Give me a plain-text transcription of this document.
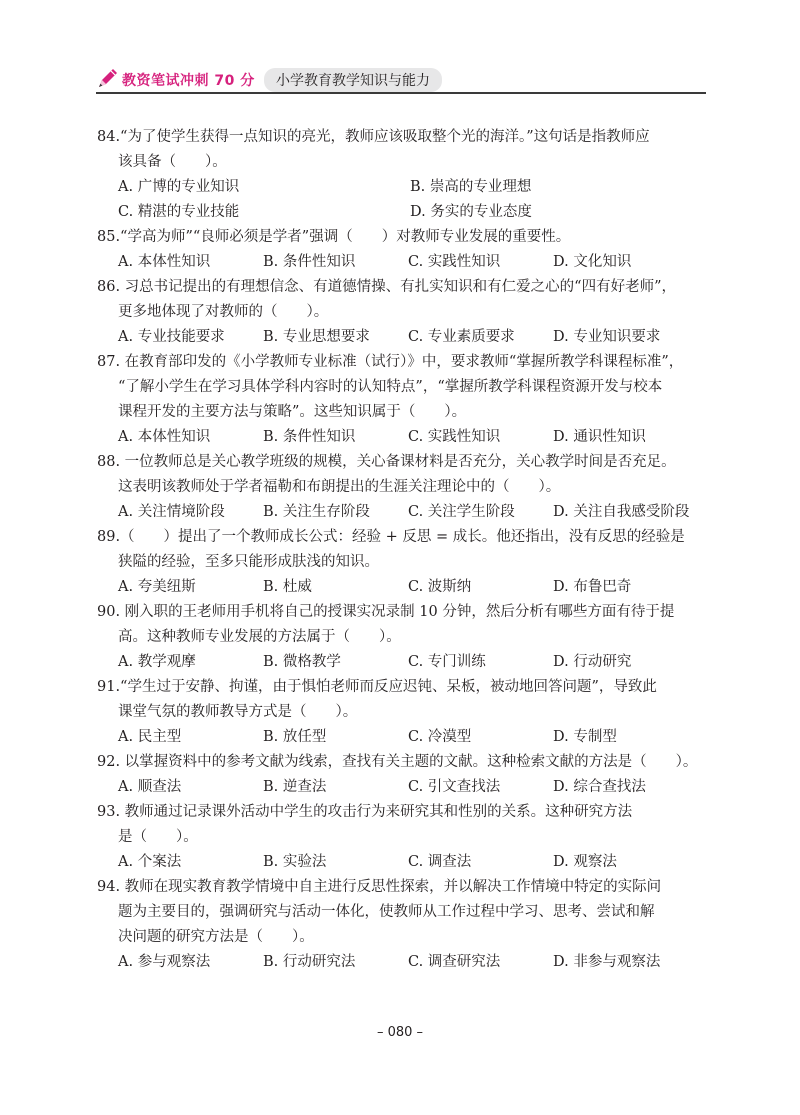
教资笔试冲刺 70 分	小学教育教学知识与能力

84.“为了使学生获得一点知识的亮光，教师应该吸取整个光的海洋。”这句话是指教师应
该具备（　　）。

A. 广博的专业知识	B. 崇高的专业理想
C. 精湛的专业技能	D. 务实的专业态度

85.“学高为师”“良师必须是学者”强调（　　）对教师专业发展的重要性。

A. 本体性知识	B. 条件性知识	C. 实践性知识	D. 文化知识

86. 习总书记提出的有理想信念、有道德情操、有扎实知识和有仁爱之心的“四有好老师”，
更多地体现了对教师的（　　）。

A. 专业技能要求	B. 专业思想要求	C. 专业素质要求	D. 专业知识要求

87. 在教育部印发的《小学教师专业标准（试行）》中，要求教师“掌握所教学科课程标准”，
“了解小学生在学习具体学科内容时的认知特点”，“掌握所教学科课程资源开发与校本
课程开发的主要方法与策略”。这些知识属于（　　）。

A. 本体性知识	B. 条件性知识	C. 实践性知识	D. 通识性知识

88. 一位教师总是关心教学班级的规模，关心备课材料是否充分，关心教学时间是否充足。
这表明该教师处于学者福勒和布朗提出的生涯关注理论中的（　　）。

A. 关注情境阶段	B. 关注生存阶段	C. 关注学生阶段	D. 关注自我感受阶段

89.（　　）提出了一个教师成长公式：经验 + 反思 = 成长。他还指出，没有反思的经验是
狭隘的经验，至多只能形成肤浅的知识。

A. 夸美纽斯	B. 杜威	C. 波斯纳	D. 布鲁巴奇

90. 刚入职的王老师用手机将自己的授课实况录制 10 分钟，然后分析有哪些方面有待于提
高。这种教师专业发展的方法属于（　　）。

A. 教学观摩	B. 微格教学	C. 专门训练	D. 行动研究

91.“学生过于安静、拘谨，由于惧怕老师而反应迟钝、呆板，被动地回答问题”，导致此
课堂气氛的教师教导方式是（　　）。

A. 民主型	B. 放任型	C. 冷漠型	D. 专制型

92. 以掌握资料中的参考文献为线索，查找有关主题的文献。这种检索文献的方法是（　　）。

A. 顺查法	B. 逆查法	C. 引文查找法	D. 综合查找法

93. 教师通过记录课外活动中学生的攻击行为来研究其和性别的关系。这种研究方法
是（　　）。

A. 个案法	B. 实验法	C. 调查法	D. 观察法

94. 教师在现实教育教学情境中自主进行反思性探索，并以解决工作情境中特定的实际问
题为主要目的，强调研究与活动一体化，使教师从工作过程中学习、思考、尝试和解
决问题的研究方法是（　　）。

A. 参与观察法	B. 行动研究法	C. 调查研究法	D. 非参与观察法
– 080 –
